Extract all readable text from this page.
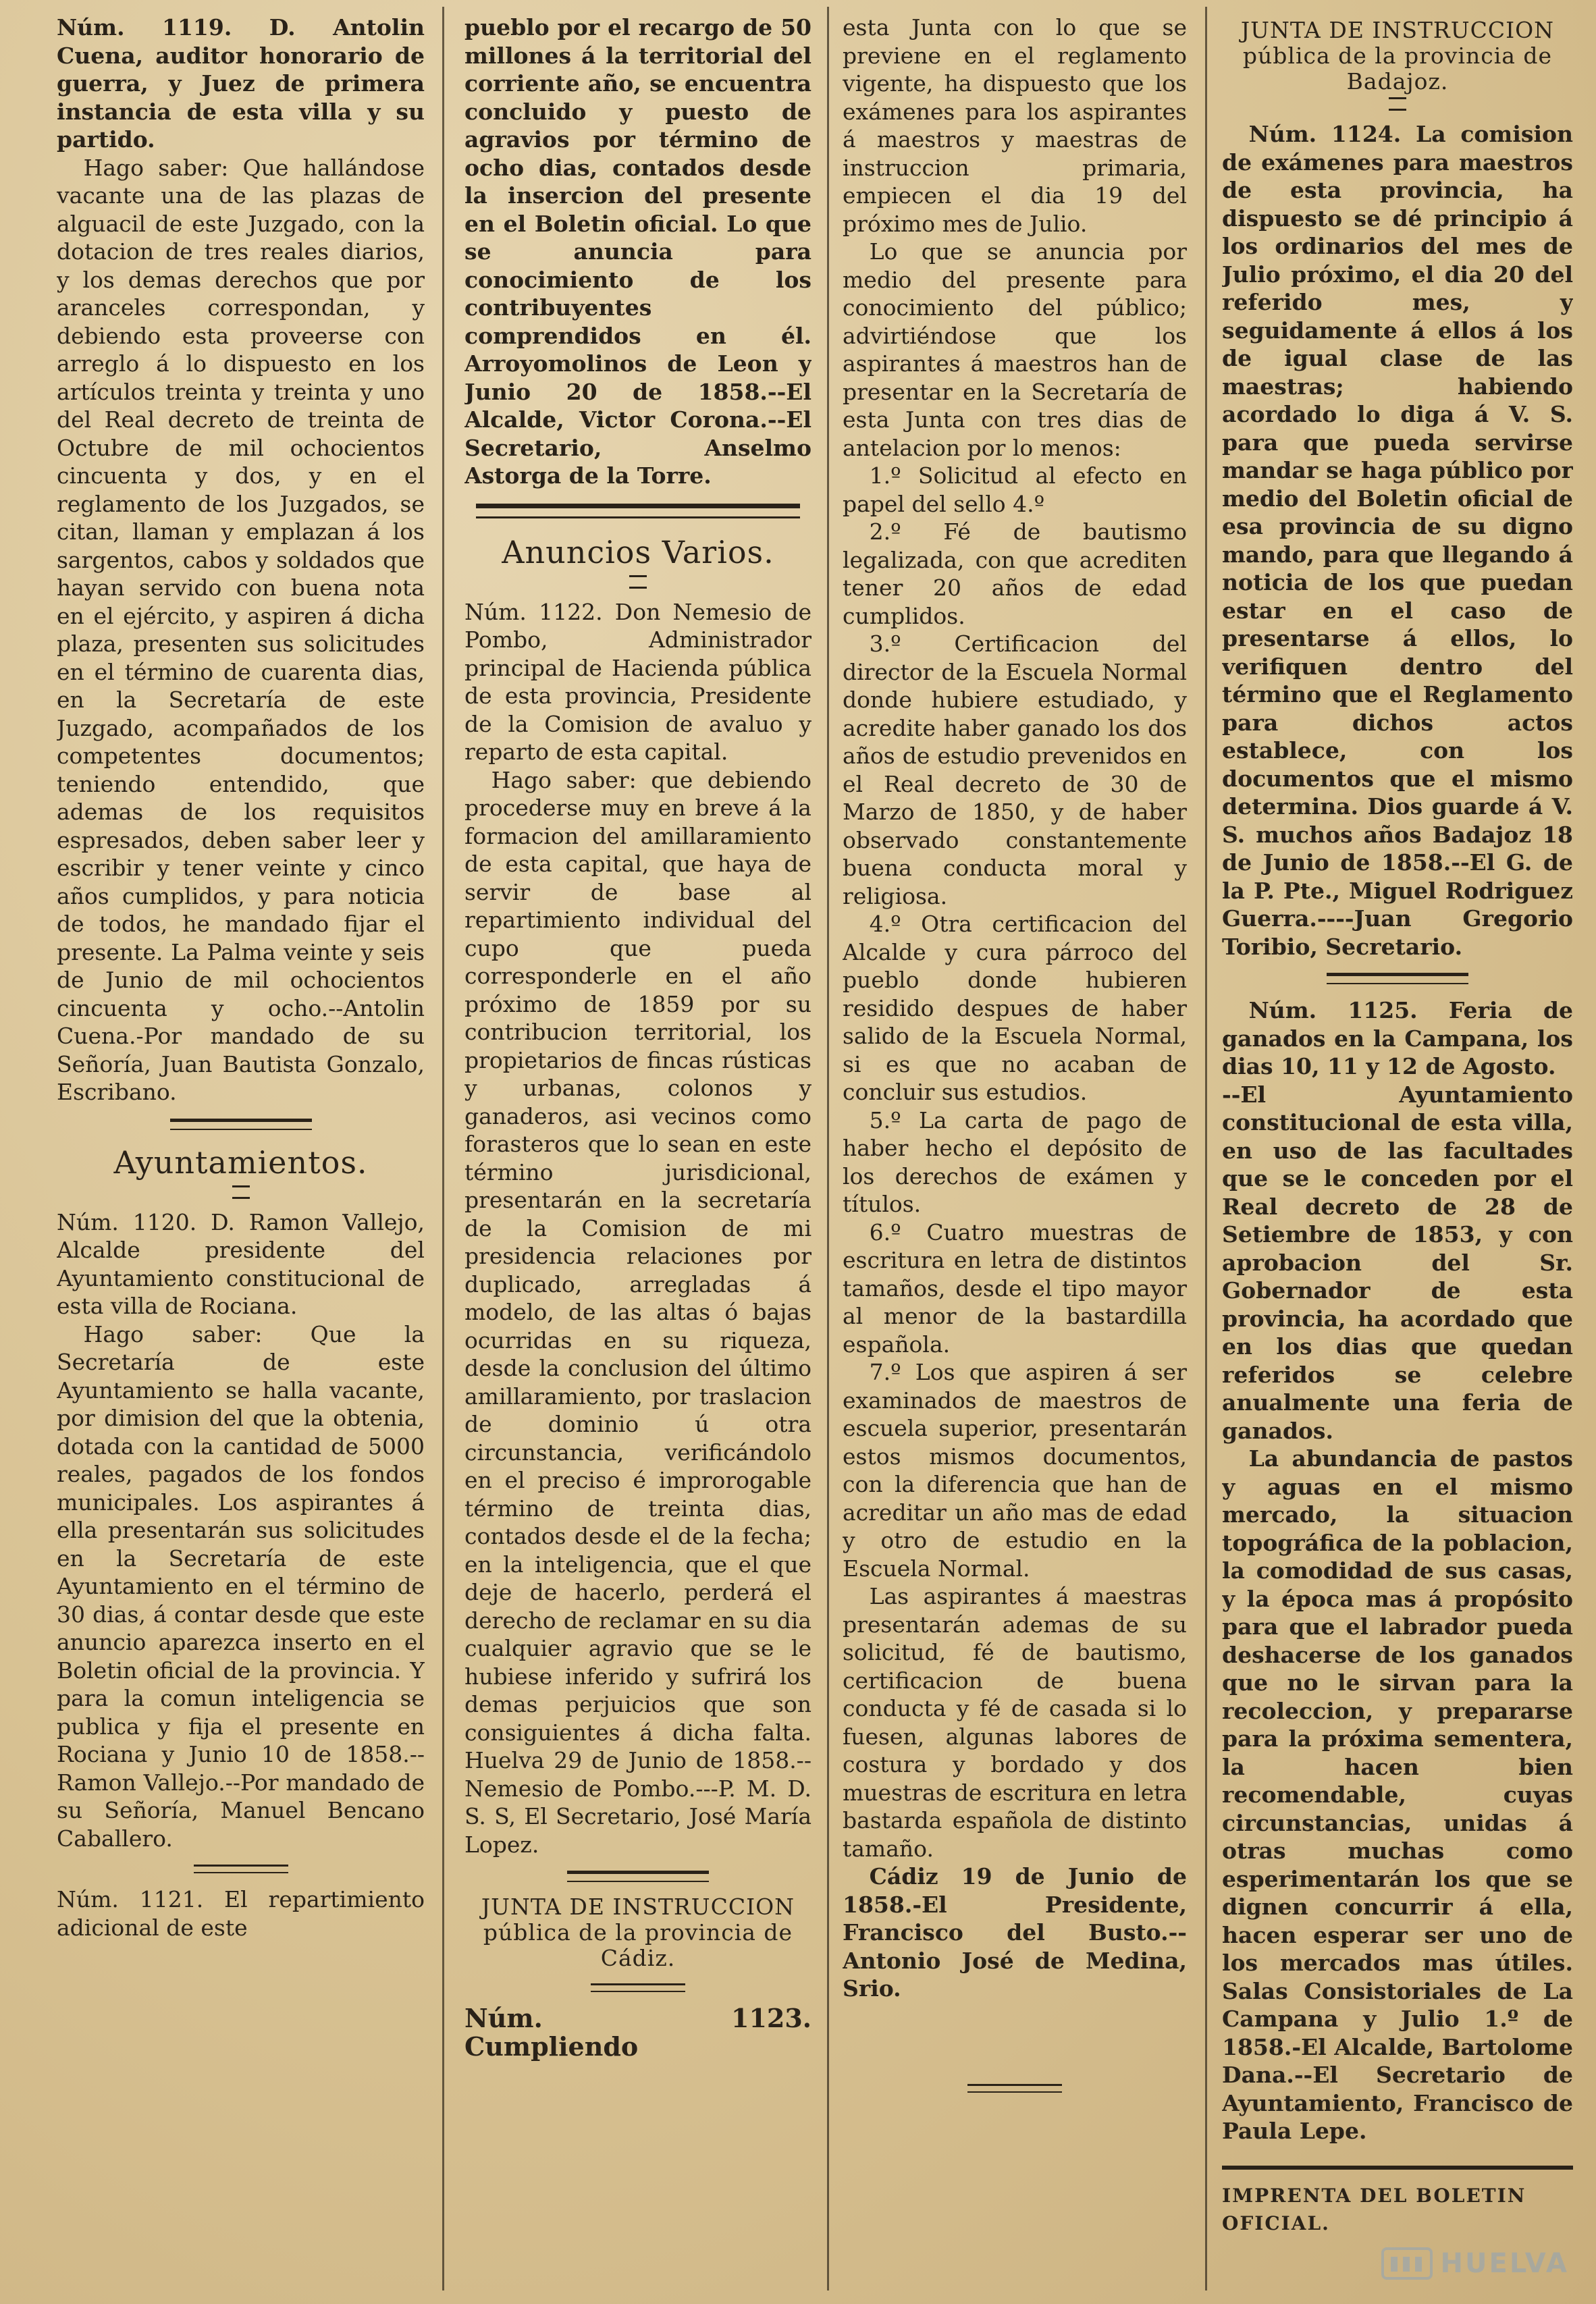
Núm. 1119. D. Antolin Cuena, auditor honorario de guerra, y Juez de primera instancia de esta villa y su partido.

Hago saber: Que hallándose vacante una de las plazas de alguacil de este Juzgado, con la dotacion de tres reales diarios, y los demas derechos que por aranceles correspondan, y debiendo esta proveerse con arreglo á lo dispuesto en los artículos treinta y treinta y uno del Real decreto de treinta de Octubre de mil ochocientos cincuenta y dos, y en el reglamento de los Juzgados, se citan, llaman y emplazan á los sargentos, cabos y soldados que hayan servido con buena nota en el ejército, y aspiren á dicha plaza, presenten sus solicitudes en el término de cuarenta dias, en la Secretaría de este Juzgado, acompañados de los competentes documentos; teniendo entendido, que ademas de los requisitos espresados, deben saber leer y escribir y tener veinte y cinco años cumplidos, y para noticia de todos, he mandado fijar el presente. La Palma veinte y seis de Junio de mil ochocientos cincuenta y ocho.--Antolin Cuena.-Por mandado de su Señoría, Juan Bautista Gonzalo, Escribano.

Ayuntamientos.

Núm. 1120. D. Ramon Vallejo, Alcalde presidente del Ayuntamiento constitucional de esta villa de Rociana.

Hago saber: Que la Secretaría de este Ayuntamiento se halla vacante, por dimision del que la obtenia, dotada con la cantidad de 5000 reales, pagados de los fondos municipales. Los aspirantes á ella presentarán sus solicitudes en la Secretaría de este Ayuntamiento en el término de 30 dias, á contar desde que este anuncio aparezca inserto en el Boletin oficial de la provincia. Y para la comun inteligencia se publica y fija el presente en Rociana y Junio 10 de 1858.--Ramon Vallejo.--Por mandado de su Señoría, Manuel Bencano Caballero.

Núm. 1121. El repartimiento adicional de este

pueblo por el recargo de 50 millones á la territorial del corriente año, se encuentra concluido y puesto de agravios por término de ocho dias, contados desde la insercion del presente en el Boletin oficial. Lo que se anuncia para conocimiento de los contribuyentes comprendidos en él. Arroyomolinos de Leon y Junio 20 de 1858.--El Alcalde, Victor Corona.--El Secretario, Anselmo Astorga de la Torre.

Anuncios Varios.

Núm. 1122. Don Nemesio de Pombo, Administrador principal de Hacienda pública de esta provincia, Presidente de la Comision de avaluo y reparto de esta capital.

Hago saber: que debiendo procederse muy en breve á la formacion del amillaramiento de esta capital, que haya de servir de base al repartimiento individual del cupo que pueda corresponderle en el año próximo de 1859 por su contribucion territorial, los propietarios de fincas rústicas y urbanas, colonos y ganaderos, asi vecinos como forasteros que lo sean en este término jurisdicional, presentarán en la secretaría de la Comision de mi presidencia relaciones por duplicado, arregladas á modelo, de las altas ó bajas ocurridas en su riqueza, desde la conclusion del último amillaramiento, por traslacion de dominio ú otra circunstancia, verificándolo en el preciso é improrogable término de treinta dias, contados desde el de la fecha; en la inteligencia, que el que deje de hacerlo, perderá el derecho de reclamar en su dia cualquier agravio que se le hubiese inferido y sufrirá los demas perjuicios que son consiguientes á dicha falta. Huelva 29 de Junio de 1858.--Nemesio de Pombo.---P. M. D. S. S, El Secretario, José María Lopez.

JUNTA DE INSTRUCCION
pública de la provincia de Cádiz.

Núm. 1123. Cumpliendo

esta Junta con lo que se previene en el reglamento vigente, ha dispuesto que los exámenes para los aspirantes á maestros y maestras de instruccion primaria, empiecen el dia 19 del próximo mes de Julio.

Lo que se anuncia por medio del presente para conocimiento del público; advirtiéndose que los aspirantes á maestros han de presentar en la Secretaría de esta Junta con tres dias de antelacion por lo menos:

1.º Solicitud al efecto en papel del sello 4.º

2.º Fé de bautismo legalizada, con que acrediten tener 20 años de edad cumplidos.

3.º Certificacion del director de la Escuela Normal donde hubiere estudiado, y acredite haber ganado los dos años de estudio prevenidos en el Real decreto de 30 de Marzo de 1850, y de haber observado constantemente buena conducta moral y religiosa.

4.º Otra certificacion del Alcalde y cura párroco del pueblo donde hubieren residido despues de haber salido de la Escuela Normal, si es que no acaban de concluir sus estudios.

5.º La carta de pago de haber hecho el depósito de los derechos de exámen y títulos.

6.º Cuatro muestras de escritura en letra de distintos tamaños, desde el tipo mayor al menor de la bastardilla española.

7.º Los que aspiren á ser examinados de maestros de escuela superior, presentarán estos mismos documentos, con la diferencia que han de acreditar un año mas de edad y otro de estudio en la Escuela Normal.

Las aspirantes á maestras presentarán ademas de su solicitud, fé de bautismo, certificacion de buena conducta y fé de casada si lo fuesen, algunas labores de costura y bordado y dos muestras de escritura en letra bastarda española de distinto tamaño.

Cádiz 19 de Junio de 1858.-El Presidente, Francisco del Busto.--Antonio José de Medina, Srio.

JUNTA DE INSTRUCCION
pública de la provincia de Badajoz.

Núm. 1124. La comision de exámenes para maestros de esta provincia, ha dispuesto se dé principio á los ordinarios del mes de Julio próximo, el dia 20 del referido mes, y seguidamente á ellos á los de igual clase de las maestras; habiendo acordado lo diga á V. S. para que pueda servirse mandar se haga público por medio del Boletin oficial de esa provincia de su digno mando, para que llegando á noticia de los que puedan estar en el caso de presentarse á ellos, lo verifiquen dentro del término que el Reglamento para dichos actos establece, con los documentos que el mismo determina. Dios guarde á V. S. muchos años Badajoz 18 de Junio de 1858.--El G. de la P. Pte., Miguel Rodriguez Guerra.----Juan Gregorio Toribio, Secretario.

Núm. 1125. Feria de ganados en la Campana, los dias 10, 11 y 12 de Agosto.

--El Ayuntamiento constitucional de esta villa, en uso de las facultades que se le conceden por el Real decreto de 28 de Setiembre de 1853, y con aprobacion del Sr. Gobernador de esta provincia, ha acordado que en los dias que quedan referidos se celebre anualmente una feria de ganados.

La abundancia de pastos y aguas en el mismo mercado, la situacion topográfica de la poblacion, la comodidad de sus casas, y la época mas á propósito para que el labrador pueda deshacerse de los ganados que no le sirvan para la recoleccion, y prepararse para la próxima sementera, la hacen bien recomendable, cuyas circunstancias, unidas á otras muchas como esperimentarán los que se dignen concurrir á ella, hacen esperar ser uno de los mercados mas útiles. Salas Consistoriales de La Campana y Julio 1.º de 1858.-El Alcalde, Bartolome Dana.--El Secretario de Ayuntamiento, Francisco de Paula Lepe.

IMPRENTA DEL BOLETIN OFICIAL.
HUELVA
